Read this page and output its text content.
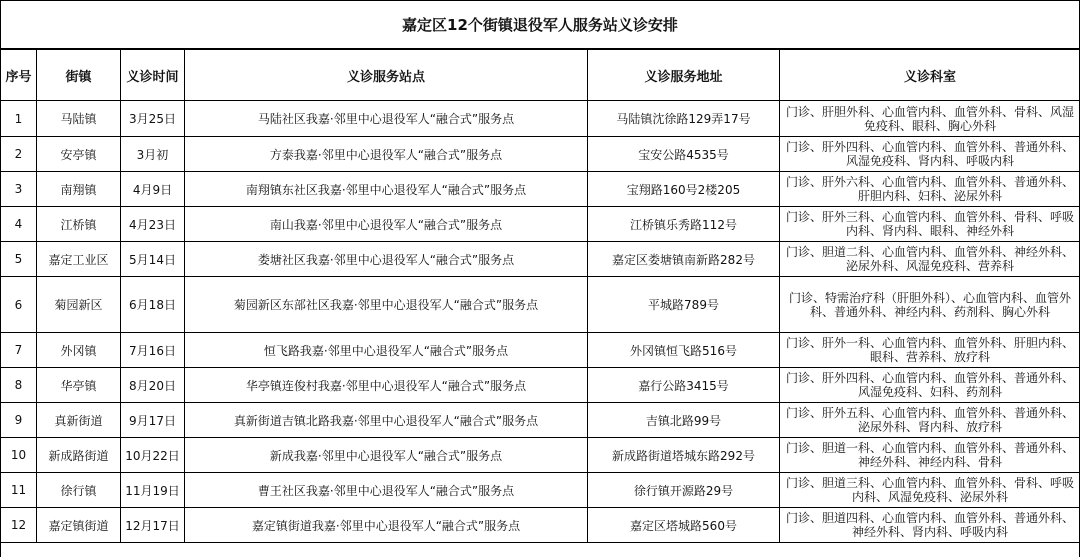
嘉定区12个街镇退役军人服务站义诊安排
序号	街镇	义诊时间	义诊服务站点	义诊服务地址	义诊科室
1	马陆镇	3月25日	马陆社区我嘉·邻里中心退役军人“融合式”服务点	马陆镇沈徐路129弄17号	门诊、肝胆外科、心血管内科、血管外科、骨科、风湿免疫科、眼科、胸心外科
2	安亭镇	3月初	方泰我嘉·邻里中心退役军人“融合式”服务点	宝安公路4535号	门诊、肝外四科、心血管内科、血管外科、普通外科、风湿免疫科、肾内科、呼吸内科
3	南翔镇	4月9日	南翔镇东社区我嘉·邻里中心退役军人“融合式”服务点	宝翔路160号2楼205	门诊、肝外六科、心血管内科、血管外科、普通外科、肝胆内科、妇科、泌尿外科
4	江桥镇	4月23日	南山我嘉·邻里中心退役军人“融合式”服务点	江桥镇乐秀路112号	门诊、肝外三科、心血管内科、血管外科、骨科、呼吸内科、肾内科、眼科、神经外科
5	嘉定工业区	5月14日	娄塘社区我嘉·邻里中心退役军人“融合式”服务点	嘉定区娄塘镇南新路282号	门诊、胆道二科、心血管内科、血管外科、神经外科、泌尿外科、风湿免疫科、营养科
6	菊园新区	6月18日	菊园新区东部社区我嘉·邻里中心退役军人“融合式”服务点	平城路789号	门诊、特需治疗科（肝胆外科）、心血管内科、血管外科、普通外科、神经内科、药剂科、胸心外科
7	外冈镇	7月16日	恒飞路我嘉·邻里中心退役军人“融合式”服务点	外冈镇恒飞路516号	门诊、肝外一科、心血管内科、血管外科、肝胆内科、眼科、营养科、放疗科
8	华亭镇	8月20日	华亭镇连俊村我嘉·邻里中心退役军人“融合式”服务点	嘉行公路3415号	门诊、肝外四科、心血管内科、血管外科、普通外科、风湿免疫科、妇科、药剂科
9	真新街道	9月17日	真新街道吉镇北路我嘉·邻里中心退役军人“融合式”服务点	吉镇北路99号	门诊、肝外五科、心血管内科、血管外科、普通外科、泌尿外科、肾内科、放疗科
10	新成路街道	10月22日	新成我嘉·邻里中心退役军人“融合式”服务点	新成路街道塔城东路292号	门诊、胆道一科、心血管内科、血管外科、普通外科、神经外科、神经内科、骨科
11	徐行镇	11月19日	曹王社区我嘉·邻里中心退役军人“融合式”服务点	徐行镇开源路29号	门诊、胆道三科、心血管内科、血管外科、骨科、呼吸内科、风湿免疫科、泌尿外科
12	嘉定镇街道	12月17日	嘉定镇街道我嘉·邻里中心退役军人“融合式”服务点	嘉定区塔城路560号	门诊、胆道四科、心血管内科、血管外科、普通外科、神经外科、肾内科、呼吸内科
